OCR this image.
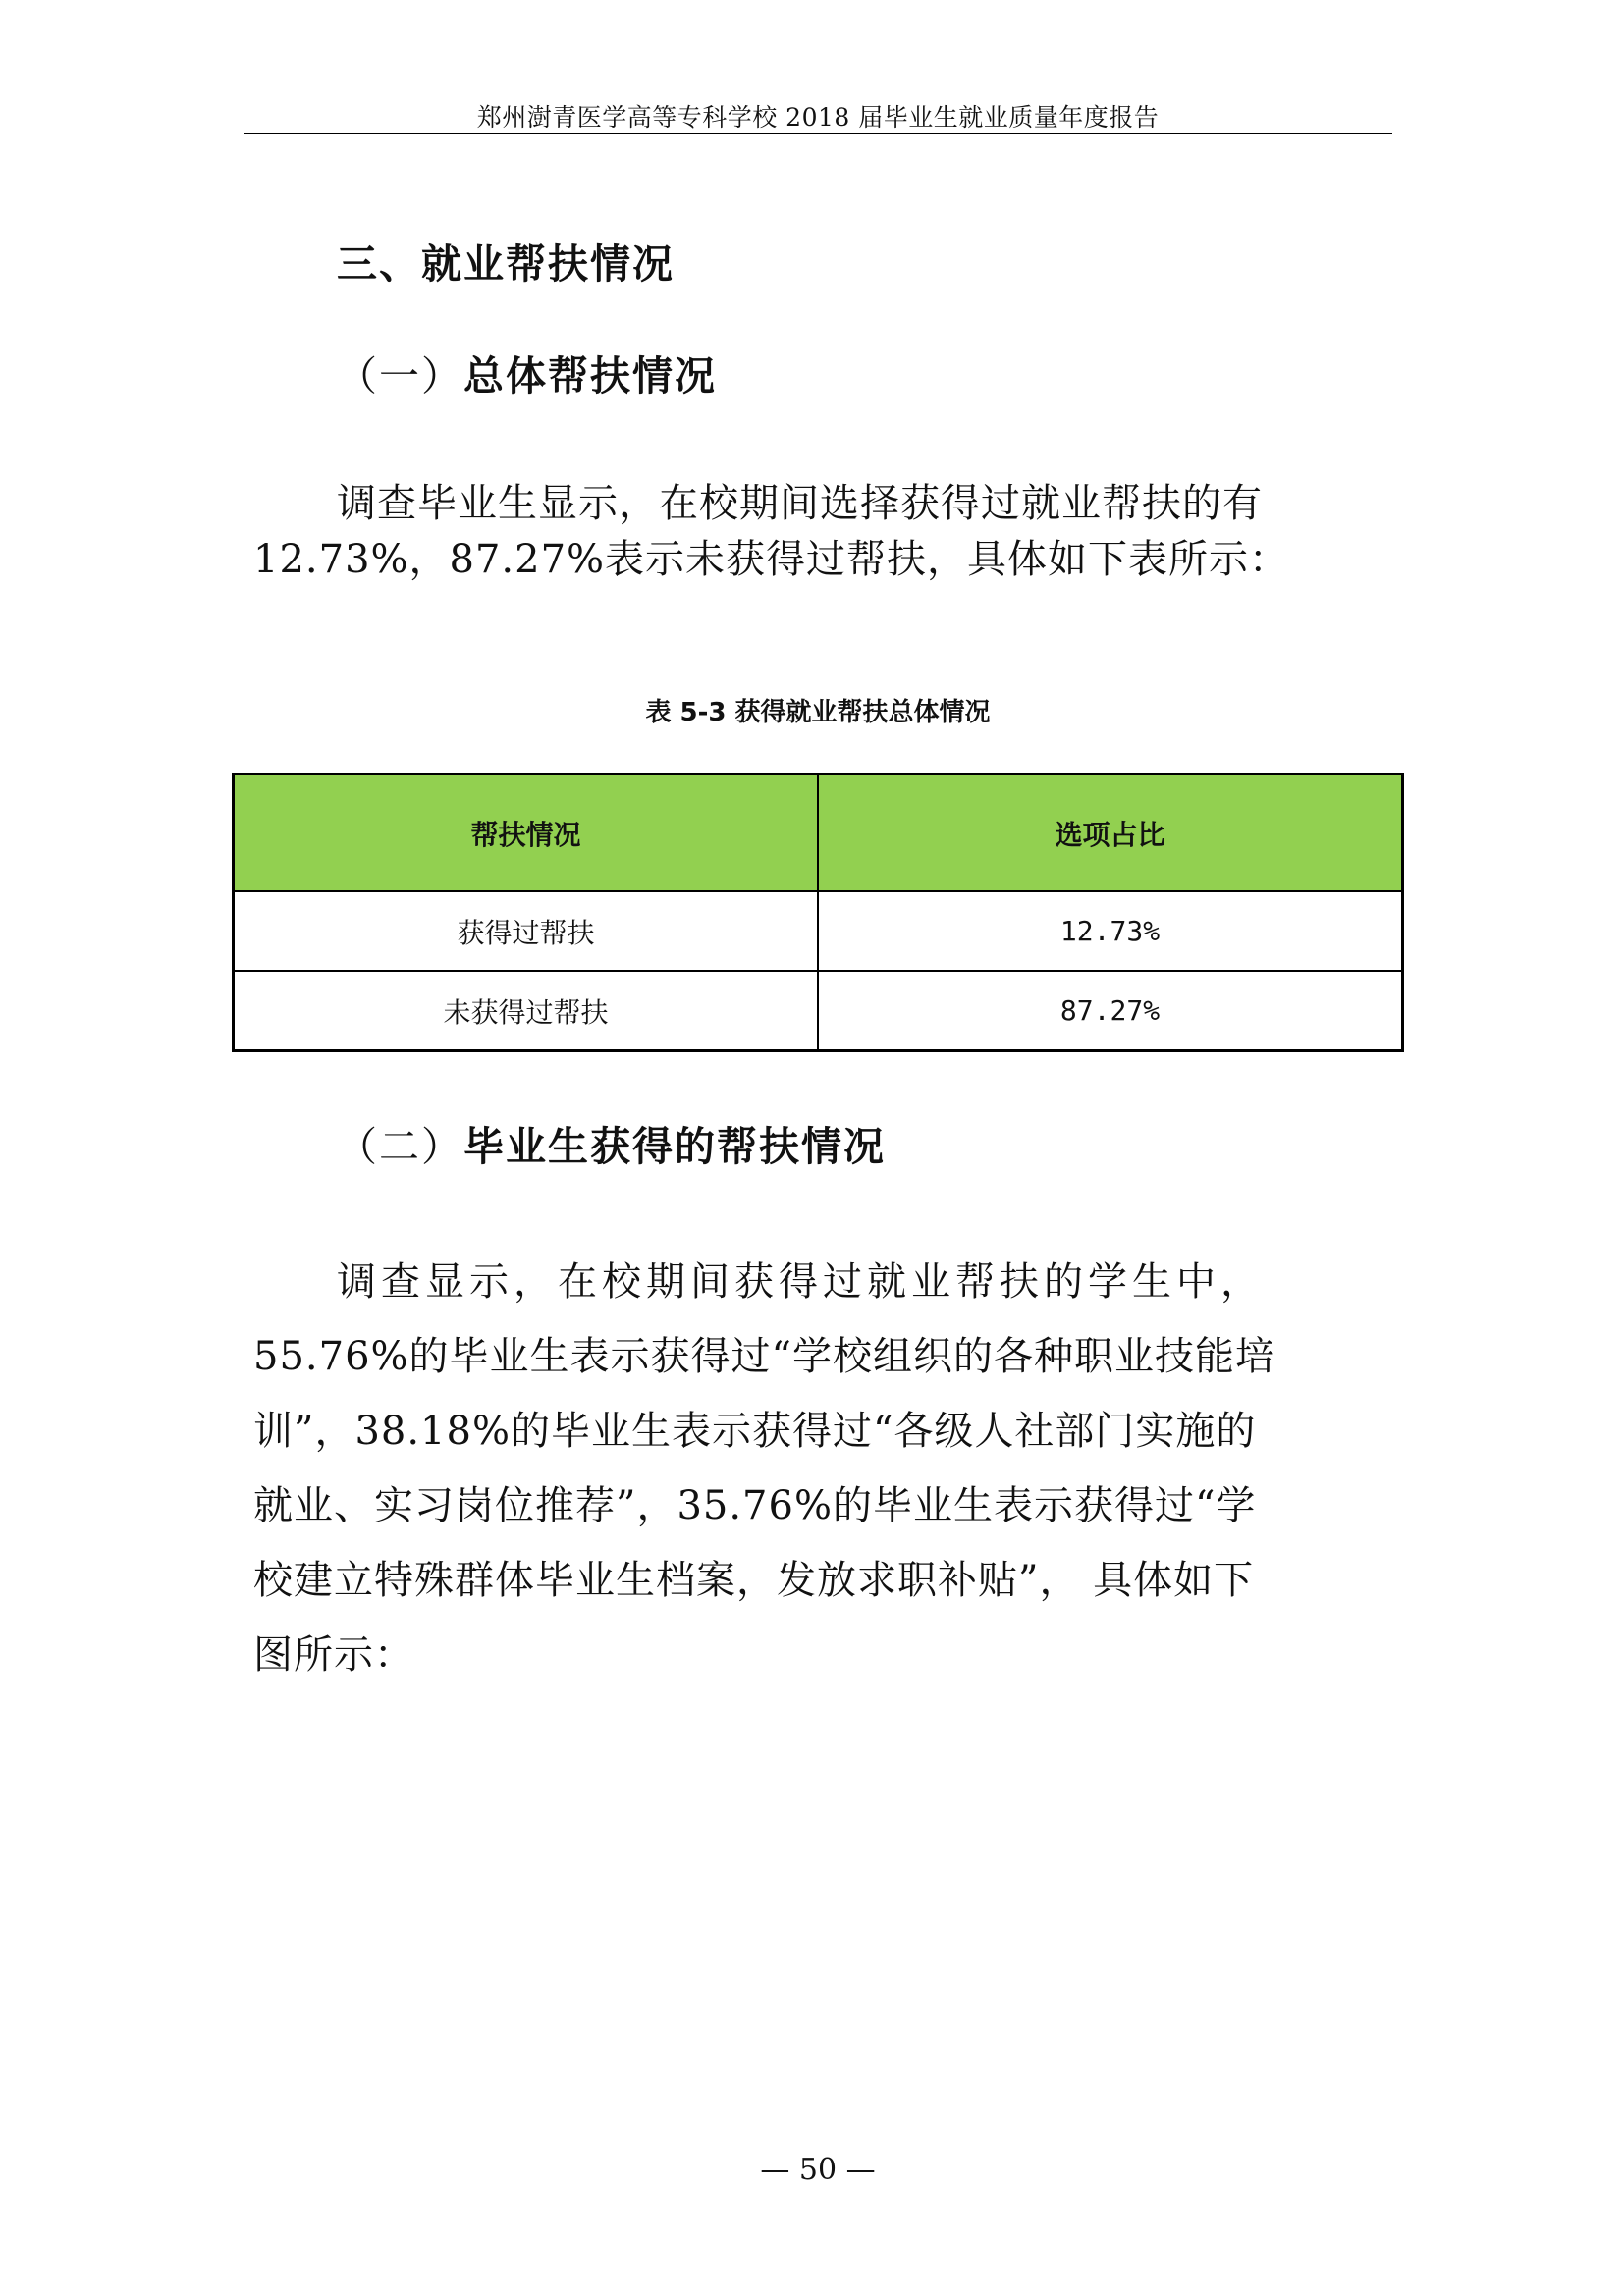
郑州澍青医学高等专科学校 2018 届毕业生就业质量年度报告
三、就业帮扶情况
（一）总体帮扶情况
调查毕业生显示，在校期间选择获得过就业帮扶的有
12.73%，87.27%表示未获得过帮扶，具体如下表所示：
表 5-3 获得就业帮扶总体情况
帮扶情况	选项占比
获得过帮扶	12.73%
未获得过帮扶	87.27%
（二）毕业生获得的帮扶情况
调查显示，在校期间获得过就业帮扶的学生中，
55.76%的毕业生表示获得过“学校组织的各种职业技能培
训”，38.18%的毕业生表示获得过“各级人社部门实施的
就业、实习岗位推荐”，35.76%的毕业生表示获得过“学
校建立特殊群体毕业生档案，发放求职补贴”， 具体如下
图所示：
— 50 —
